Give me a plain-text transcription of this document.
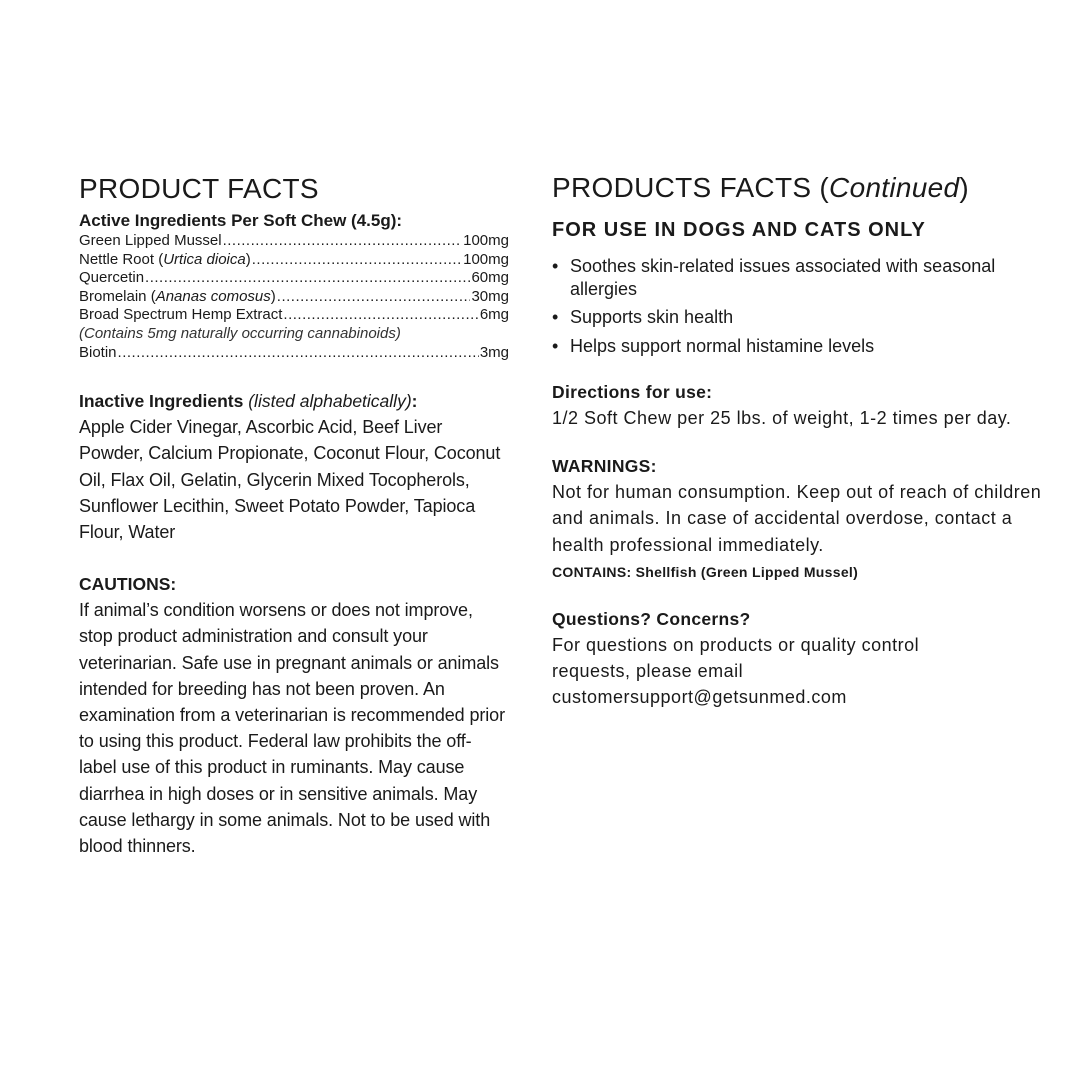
PRODUCT FACTS
Active Ingredients Per Soft Chew (4.5g):
Green Lipped Mussel .....	100mg
Nettle Root (Urtica dioica) .....	100mg
Quercetin .....	60mg
Bromelain (Ananas comosus) .....	30mg
Broad Spectrum Hemp Extract .....	6mg
(Contains 5mg naturally occurring cannabinoids)
Biotin .....	3mg
Inactive Ingredients (listed alphabetically):

Apple Cider Vinegar, Ascorbic Acid, Beef Liver Powder, Calcium Propionate, Coconut Flour, Coconut Oil, Flax Oil, Gelatin, Glycerin Mixed Tocopherols, Sunflower Lecithin, Sweet Potato Powder, Tapioca Flour, Water

CAUTIONS:

If animal’s condition worsens or does not improve, stop product administration and consult your veterinarian. Safe use in pregnant animals or animals intended for breeding has not been proven. An examination from a veterinarian is recommended prior to using this product. Federal law prohibits the off-label use of this product in ruminants. May cause diarrhea in high doses or in sensitive animals. May cause lethargy in some animals. Not to be used with blood thinners.

PRODUCTS FACTS (Continued)
FOR USE IN DOGS AND CATS ONLY
• Soothes skin-related issues associated with seasonal allergies
• Supports skin health
• Helps support normal histamine levels
Directions for use:

1/2 Soft Chew per 25 lbs. of weight, 1-2 times per day.

WARNINGS:

Not for human consumption. Keep out of reach of children and animals. In case of accidental overdose, contact a health professional immediately.

CONTAINS: Shellfish (Green Lipped Mussel)
Questions? Concerns?
For questions on products or quality control
requests, please email
customersupport@getsunmed.com
